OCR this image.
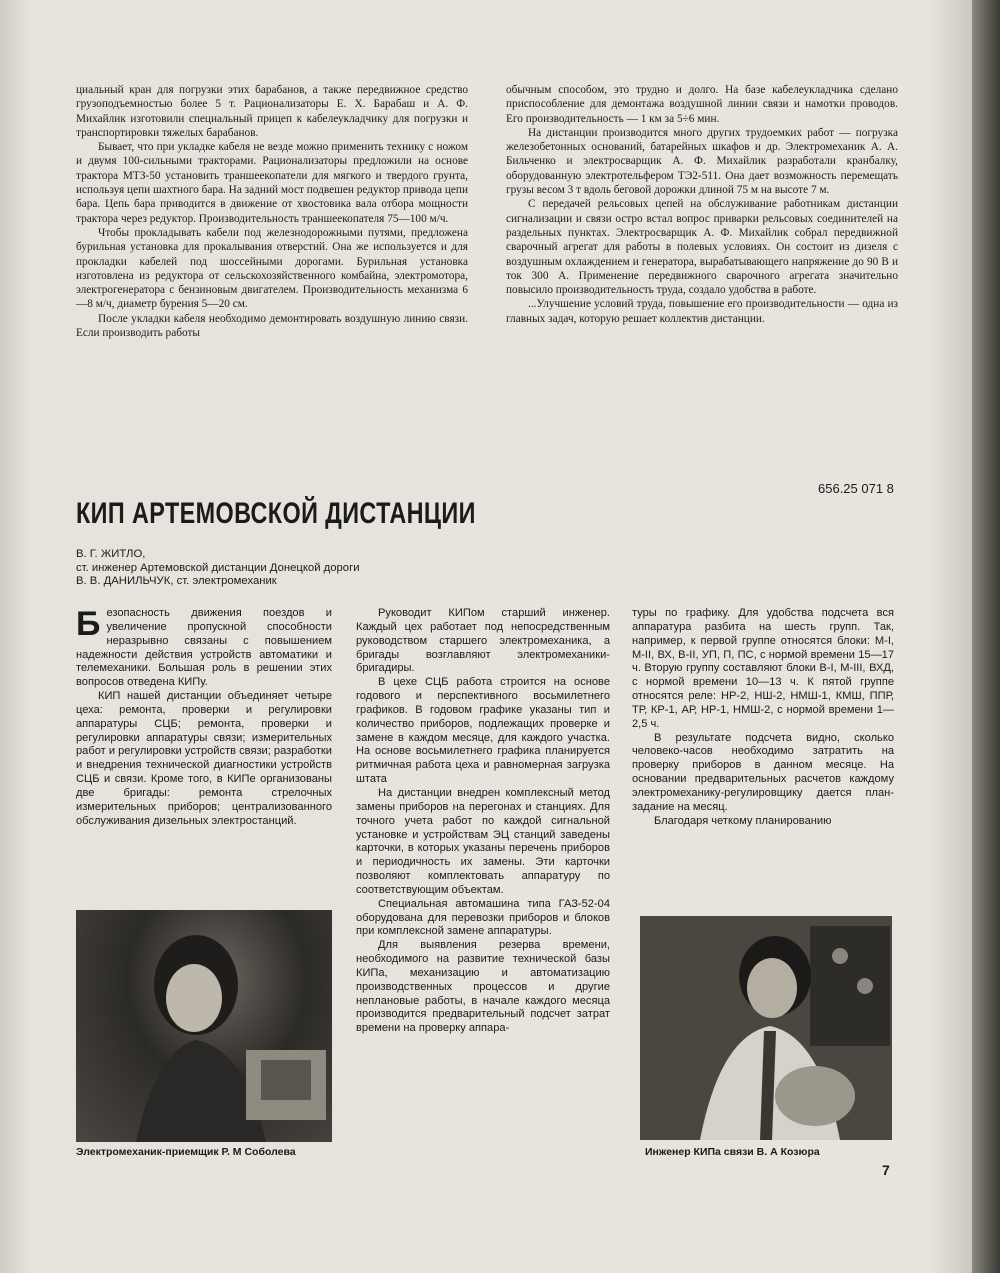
циальный кран для погрузки этих барабанов, а также передвижное средство грузоподъемностью более 5 т. Рационализаторы Е. Х. Барабаш и А. Ф. Михайлик изготовили специальный прицеп к кабелеукладчику для погрузки и транспортировки тяжелых барабанов.

Бывает, что при укладке кабеля не везде можно применить технику с ножом и двумя 100-сильными тракторами. Рационализаторы предложили на основе трактора МТЗ-50 установить траншеекопатели для мягкого и твердого грунта, используя цепи шахтного бара. На задний мост подвешен редуктор привода цепи бара. Цепь бара приводится в движение от хвостовика вала отбора мощности трактора через редуктор. Производительность траншеекопателя 75—100 м/ч.

Чтобы прокладывать кабели под железнодорожными путями, предложена бурильная установка для прокалывания отверстий. Она же используется и для прокладки кабелей под шоссейными дорогами. Бурильная установка изготовлена из редуктора от сельскохозяйственного комбайна, электромотора, электрогенератора с бензиновым двигателем. Производительность механизма 6—8 м/ч, диаметр бурения 5—20 см.

После укладки кабеля необходимо демонтировать воздушную линию связи. Если производить работы

обычным способом, это трудно и долго. На базе кабелеукладчика сделано приспособление для демонтажа воздушной линии связи и намотки проводов. Его производительность — 1 км за 5÷6 мин.

На дистанции производится много других трудоемких работ — погрузка железобетонных оснований, батарейных шкафов и др. Электромеханик А. А. Бильченко и электросварщик А. Ф. Михайлик разработали кранбалку, оборудованную электротельфером ТЭ2-511. Она дает возможность перемещать грузы весом 3 т вдоль беговой дорожки длиной 75 м на высоте 7 м.

С передачей рельсовых цепей на обслуживание работникам дистанции сигнализации и связи остро встал вопрос приварки рельсовых соединителей на раздельных пунктах. Электросварщик А. Ф. Михайлик собрал передвижной сварочный агрегат для работы в полевых условиях. Он состоит из дизеля с воздушным охлаждением и генератора, вырабатывающего напряжение до 90 В и ток 300 А. Применение передвижного сварочного агрегата значительно повысило производительность труда, создало удобства в работе.

...Улучшение условий труда, повышение его производительности — одна из главных задач, которую решает коллектив дистанции.

656.25 071 8
КИП АРТЕМОВСКОЙ ДИСТАНЦИИ
В. Г. ЖИТЛО,
ст. инженер Артемовской дистанции Донецкой дороги
В. В. ДАНИЛЬЧУК, ст. электромеханик

Безопасность движения поездов и увеличение пропускной способности неразрывно связаны с повышением надежности действия устройств автоматики и телемеханики. Большая роль в решении этих вопросов отведена КИПу.

КИП нашей дистанции объединяет четыре цеха: ремонта, проверки и регулировки аппаратуры СЦБ; ремонта, проверки и регулировки аппаратуры связи; измерительных работ и регулировки устройств связи; разработки и внедрения технической диагностики устройств СЦБ и связи. Кроме того, в КИПе организованы две бригады: ремонта стрелочных измерительных приборов; централизованного обслуживания дизельных электростанций.

Руководит КИПом старший инженер. Каждый цех работает под непосредственным руководством старшего электромеханика, а бригады возглавляют электромеханики-бригадиры.

В цехе СЦБ работа строится на основе годового и перспективного восьмилетнего графиков. В годовом графике указаны тип и количество приборов, подлежащих проверке и замене в каждом месяце, для каждого участка. На основе восьмилетнего графика планируется ритмичная работа цеха и равномерная загрузка штата

На дистанции внедрен комплексный метод замены приборов на перегонах и станциях. Для точного учета работ по каждой сигнальной установке и устройствам ЭЦ станций заведены карточки, в которых указаны перечень приборов и периодичность их замены. Эти карточки позволяют комплектовать аппаратуру по соответствующим объектам.

Специальная автомашина типа ГАЗ-52-04 оборудована для перевозки приборов и блоков при комплексной замене аппаратуры.

Для выявления резерва времени, необходимого на развитие технической базы КИПа, механизацию и автоматизацию производственных процессов и другие неплановые работы, в начале каждого месяца производится предварительный подсчет затрат времени на проверку аппара-

туры по графику. Для удобства подсчета вся аппаратура разбита на шесть групп. Так, например, к первой группе относятся блоки: М-I, М-II, ВХ, В-II, УП, П, ПС, с нормой времени 15—17 ч. Вторую группу составляют блоки В-I, М-III, ВХД, с нормой времени 10—13 ч. К пятой группе относятся реле: НР-2, НШ-2, НМШ-1, КМШ, ППР, ТР, КР-1, АР, НР-1, НМШ-2, с нормой времени 1—2,5 ч.

В результате подсчета видно, сколько человеко-часов необходимо затратить на проверку приборов в данном месяце. На основании предварительных расчетов каждому электромеханику-регулировщику дается план-задание на месяц.

Благодаря четкому планированию

Электромеханик-приемщик Р. М Соболева	Инженер КИПа связи В. А Козюра
7
